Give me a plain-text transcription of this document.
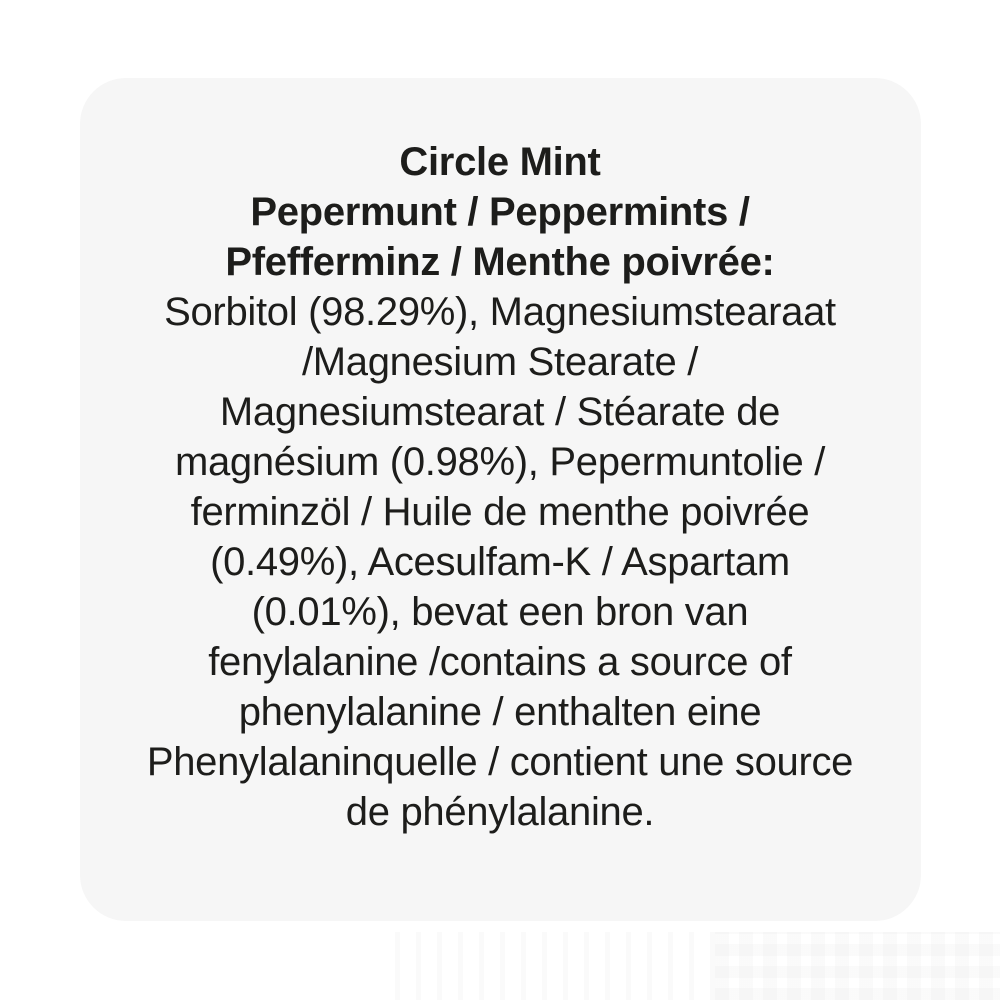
Circle Mint
Pepermunt / Peppermints /
Pfefferminz / Menthe poivrée:
Sorbitol (98.29%), Magnesiumstearaat
/Magnesium Stearate /
Magnesiumstearat / Stéarate de
magnésium (0.98%), Pepermuntolie /
ferminzöl / Huile de menthe poivrée
(0.49%), Acesulfam-K / Aspartam
(0.01%), bevat een bron van
fenylalanine /contains a source of
phenylalanine / enthalten eine
Phenylalaninquelle / contient une source
de phénylalanine.
